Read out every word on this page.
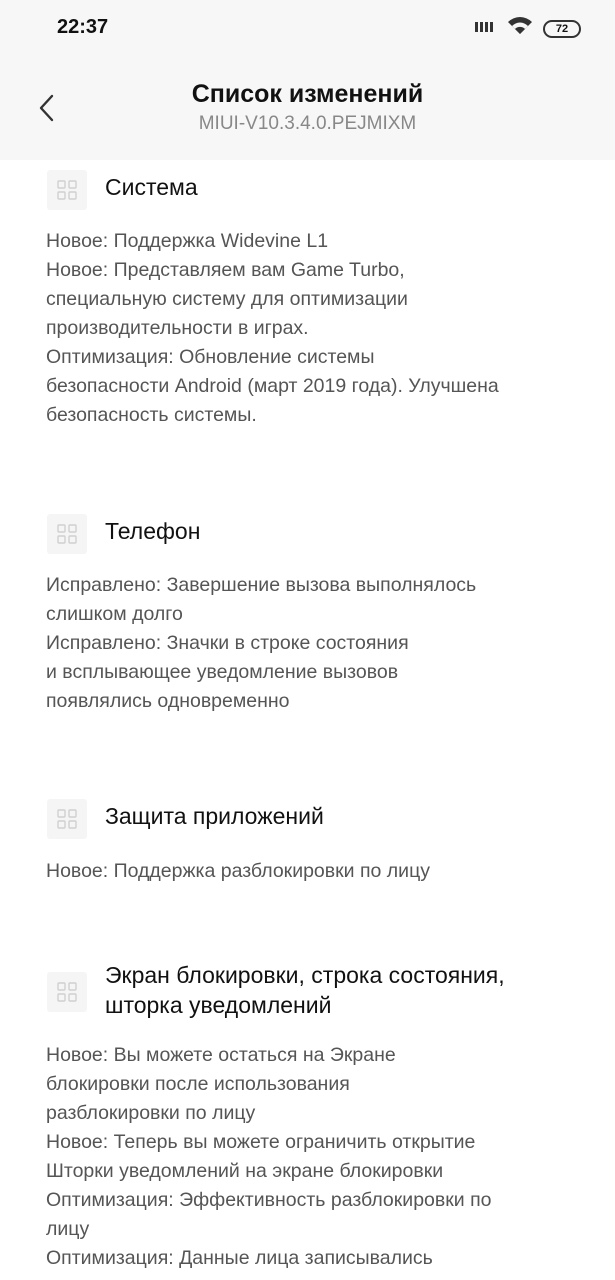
22:37	72
Список изменений
MIUI-V10.3.4.0.PEJMIXM
Система
Новое: Поддержка Widevine L1
Новое: Представляем вам Game Turbo,
специальную систему для оптимизации
производительности в играх.
Оптимизация: Обновление системы
безопасности Android (март 2019 года). Улучшена
безопасность системы.
Телефон
Исправлено: Завершение вызова выполнялось
слишком долго
Исправлено: Значки в строке состояния
и всплывающее уведомление вызовов
появлялись одновременно
Защита приложений
Новое: Поддержка разблокировки по лицу
Экран блокировки, строка состояния,
шторка уведомлений
Новое: Вы можете остаться на Экране
блокировки после использования
разблокировки по лицу
Новое: Теперь вы можете ограничить открытие
Шторки уведомлений на экране блокировки
Оптимизация: Эффективность разблокировки по
лицу
Оптимизация: Данные лица записывались
